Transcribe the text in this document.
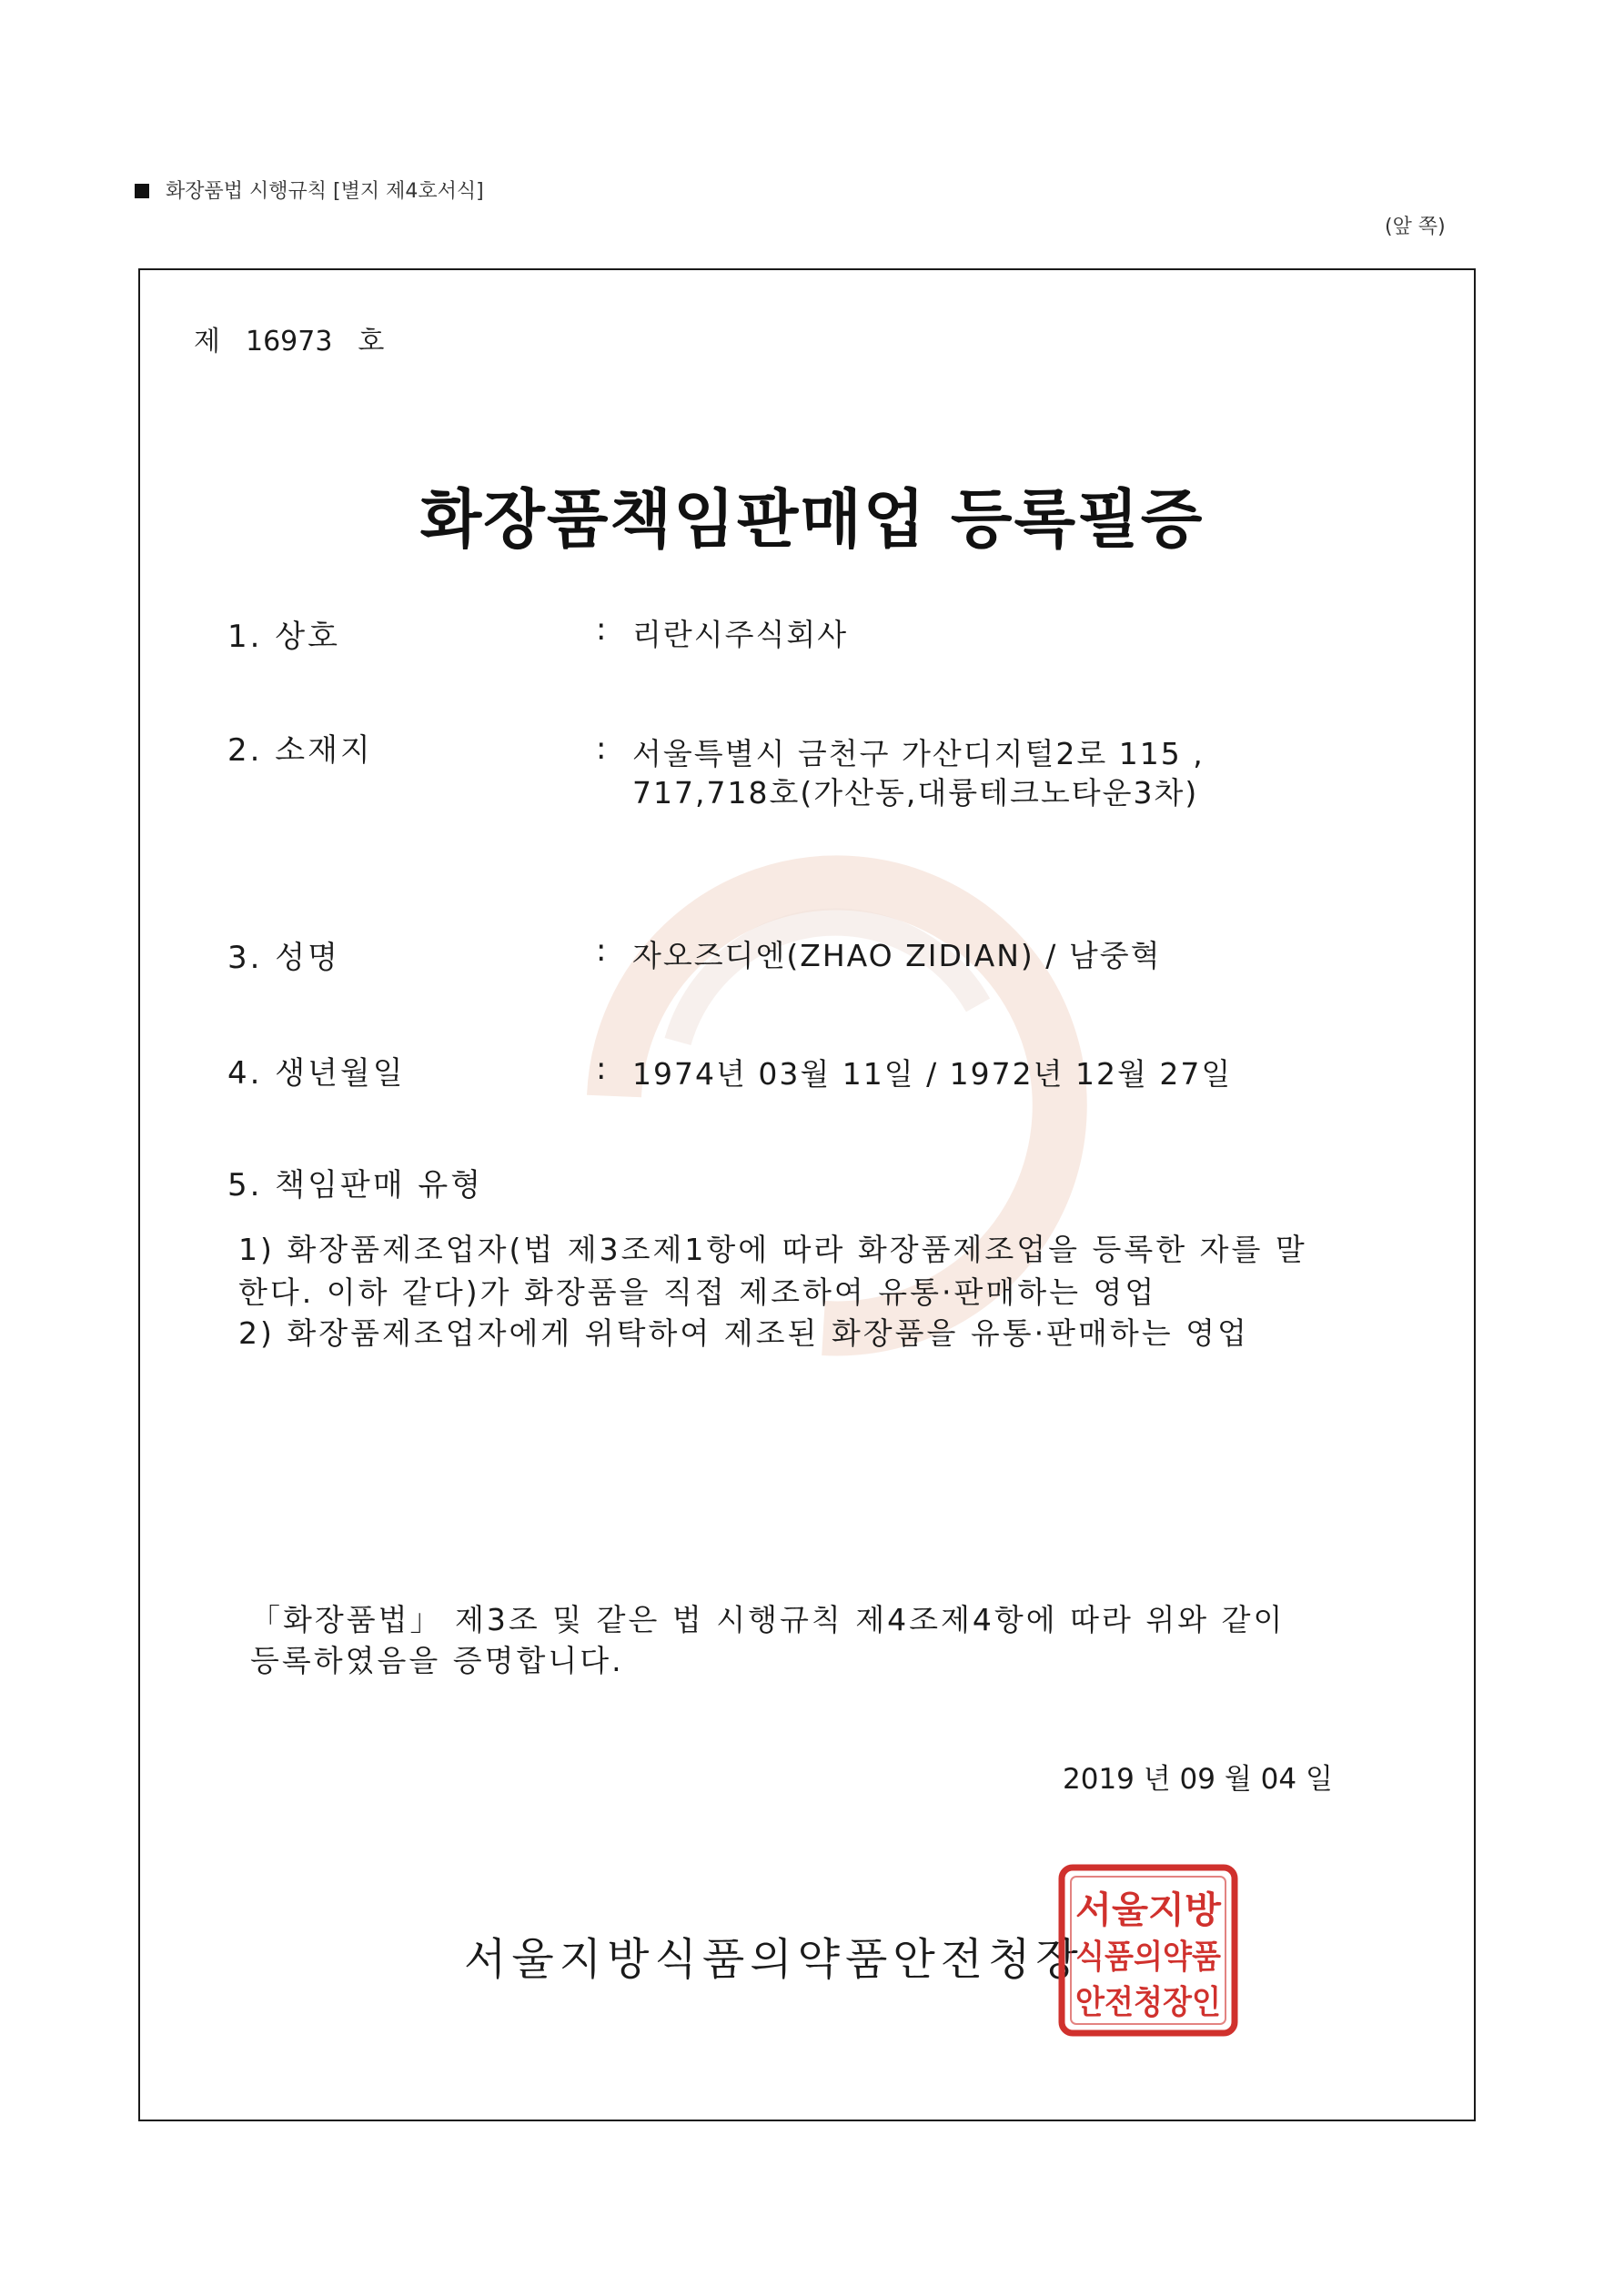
화장품법 시행규칙 [별지 제4호서식]
(앞 쪽)
제 16973 호
화장품책임판매업 등록필증
1. 상호	: 리란시주식회사
2. 소재지	: 서울특별시 금천구 가산디지털2로 115 ,
717,718호(가산동,대륭테크노타운3차)
3. 성명	: 자오즈디엔(ZHAO ZIDIAN) / 남중혁
4. 생년월일	: 1974년 03월 11일 / 1972년 12월 27일
5. 책임판매 유형
1) 화장품제조업자(법 제3조제1항에 따라 화장품제조업을 등록한 자를 말
한다. 이하 같다)가 화장품을 직접 제조하여 유통·판매하는 영업
2) 화장품제조업자에게 위탁하여 제조된 화장품을 유통·판매하는 영업
「화장품법」 제3조 및 같은 법 시행규칙 제4조제4항에 따라 위와 같이
등록하였음을 증명합니다.
2019 년 09 월 04 일
서울지방식품의약품안전청장
서울지방
식품의약품
안전청장인
